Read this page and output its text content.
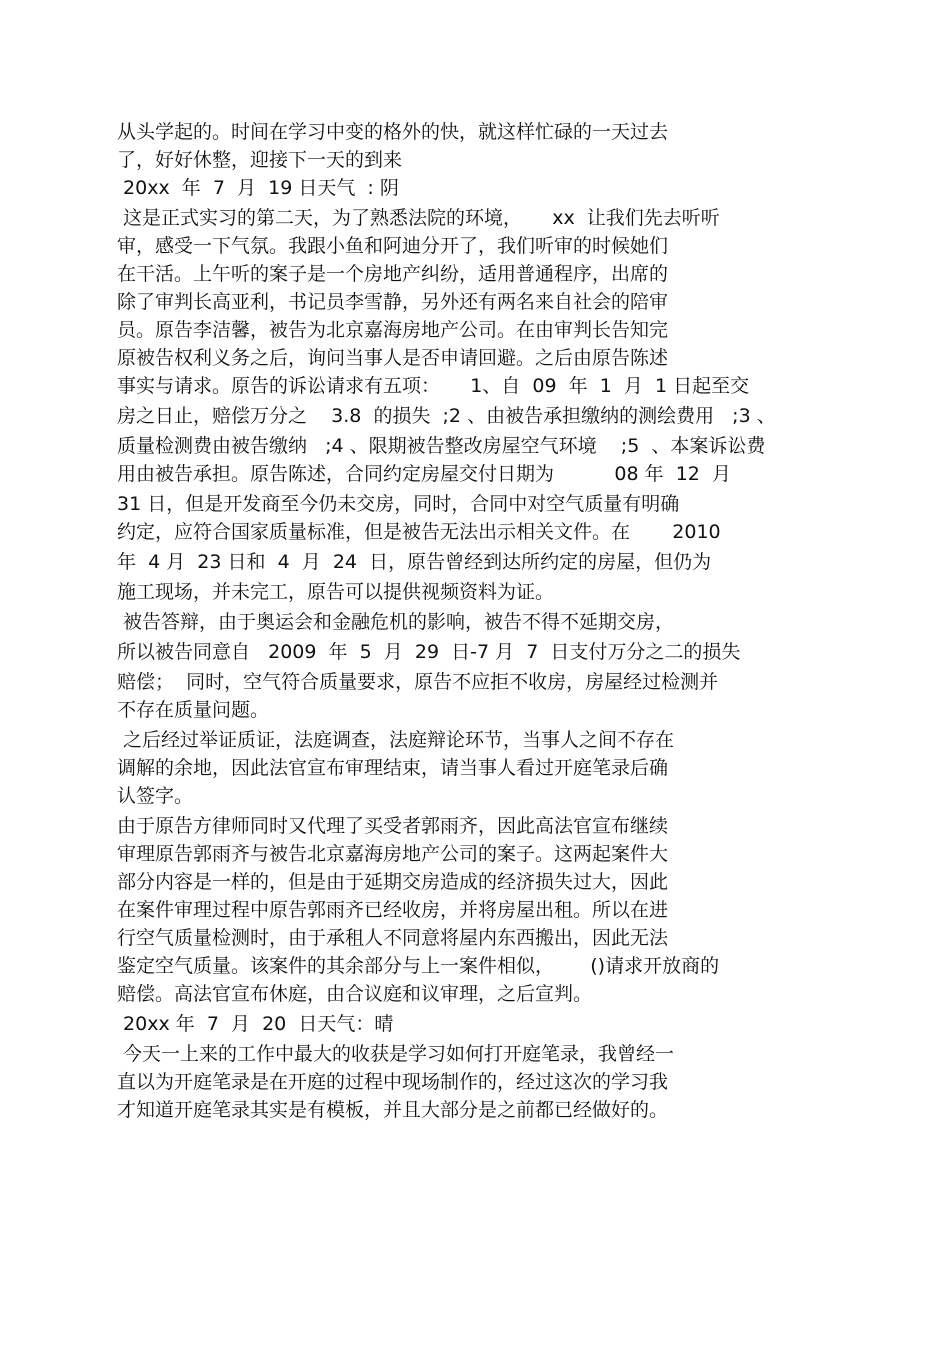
从头学起的。时间在学习中变的格外的快，就这样忙碌的一天过去
了，好好休整，迎接下一天的到来
20xx  年  7  月  19 日天气  : 阴
这是正式实习的第二天，为了熟悉法院的环境，     xx  让我们先去听听
审，感受一下气氛。我跟小鱼和阿迪分开了，我们听审的时候她们
在干活。上午听的案子是一个房地产纠纷，适用普通程序，出席的
除了审判长高亚利，书记员李雪静，另外还有两名来自社会的陪审
员。原告李洁馨，被告为北京嘉海房地产公司。在由审判长告知完
原被告权利义务之后，询问当事人是否申请回避。之后由原告陈述
事实与请求。原告的诉讼请求有五项：     1、自  09  年  1  月  1 日起至交
房之日止，赔偿万分之    3.8  的损失  ;2 、由被告承担缴纳的测绘费用   ;3 、
质量检测费由被告缴纳   ;4 、限期被告整改房屋空气环境    ;5  、本案诉讼费
用由被告承担。原告陈述，合同约定房屋交付日期为          08 年  12  月
31 日，但是开发商至今仍未交房，同时，合同中对空气质量有明确
约定，应符合国家质量标准，但是被告无法出示相关文件。在       2010
年  4 月  23 日和  4  月  24  日，原告曾经到达所约定的房屋，但仍为
施工现场，并未完工，原告可以提供视频资料为证。
被告答辩，由于奥运会和金融危机的影响，被告不得不延期交房，
所以被告同意自   2009  年  5  月  29  日-7 月  7  日支付万分之二的损失
赔偿；  同时，空气符合质量要求，原告不应拒不收房，房屋经过检测并
不存在质量问题。
之后经过举证质证，法庭调查，法庭辩论环节，当事人之间不存在
调解的余地，因此法官宣布审理结束，请当事人看过开庭笔录后确
认签字。
由于原告方律师同时又代理了买受者郭雨齐，因此高法官宣布继续
审理原告郭雨齐与被告北京嘉海房地产公司的案子。这两起案件大
部分内容是一样的，但是由于延期交房造成的经济损失过大，因此
在案件审理过程中原告郭雨齐已经收房，并将房屋出租。所以在进
行空气质量检测时，由于承租人不同意将屋内东西搬出，因此无法
鉴定空气质量。该案件的其余部分与上一案件相似，      ()请求开放商的
赔偿。高法官宣布休庭，由合议庭和议审理，之后宣判。
20xx 年  7  月  20  日天气：晴
今天一上来的工作中最大的收获是学习如何打开庭笔录，我曾经一
直以为开庭笔录是在开庭的过程中现场制作的，经过这次的学习我
才知道开庭笔录其实是有模板，并且大部分是之前都已经做好的。
